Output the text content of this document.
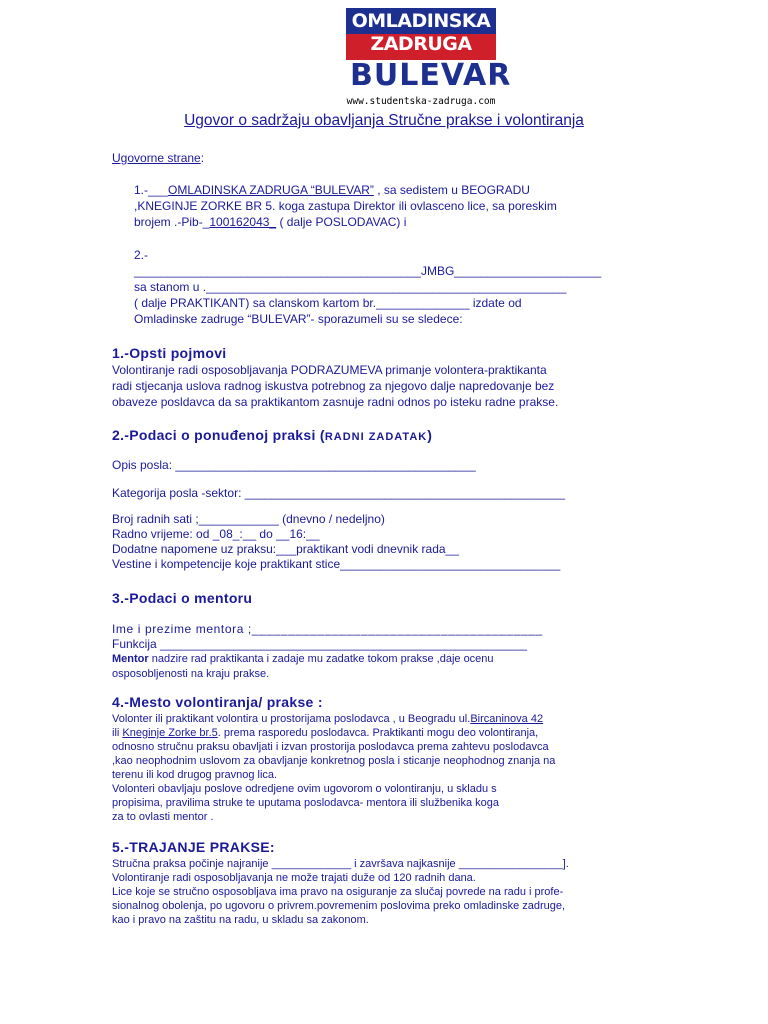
OMLADINSKA
ZADRUGA
BULEVAR
www.studentska-zadruga.com
Ugovor o sadržaju obavljanja Stručne prakse i volontiranja
Ugovorne strane:
1.-___OMLADINSKA ZADRUGA “BULEVAR” , sa sedistem u BEOGRADU
,KNEGINJE ZORKE BR 5. koga zastupa Direktor ili ovlasceno lice, sa poreskim
brojem .-Pib-_100162043_ ( dalje POSLODAVAC) i
2.-
___________________________________________JMBG______________________
sa stanom u .______________________________________________________
( dalje PRAKTIKANT) sa clanskom kartom br.______________ izdate od
Omladinske zadruge “BULEVAR”- sporazumeli su se sledece:
1.-Opsti pojmovi
Volontiranje radi osposobljavanja PODRAZUMEVA primanje volontera-praktikanta
radi stjecanja uslova radnog iskustva potrebnog za njegovo dalje napredovanje bez
obaveze posldavca da sa praktikantom zasnuje radni odnos po isteku radne prakse.
2.-Podaci o ponuđenoj praksi (RADNI ZADATAK)
Opis posla: _____________________________________________
Kategorija posla -sektor: ________________________________________________
Broj radnih sati ;____________ (dnevno / nedeljno)
Radno vrijeme: od _08_:__ do __16:__
Dodatne napomene uz praksu:___praktikant vodi dnevnik rada__
Vestine i kompetencije koje praktikant stice_________________________________
3.-Podaci o mentoru
Ime i prezime mentora ;________________________________________
Funkcija _______________________________________________________
Mentor nadzire rad praktikanta i zadaje mu zadatke tokom prakse ,daje ocenu
osposobljenosti na kraju prakse.
4.-Mesto volontiranja/ prakse :
Volonter ili praktikant volontira u prostorijama poslodavca , u Beogradu ul.Bircaninova 42
ili Kneginje Zorke br.5. prema rasporedu poslodavca. Praktikanti mogu deo volontiranja,
odnosno stručnu praksu obavljati i izvan prostorija poslodavca prema zahtevu poslodavca
,kao neophodnim uslovom za obavljanje konkretnog posla i sticanje neophodnog znanja na
terenu ili kod drugog pravnog lica.
Volonteri obavljaju poslove odredjene ovim ugovorom o volontiranju, u skladu s
propisima, pravilima struke te uputama poslodavca- mentora ili službenika koga
za to ovlasti mentor .
5.-TRAJANJE PRAKSE:
Stručna praksa počinje najranije _____________ i završava najkasnije _________________].
Volontiranje radi osposobljavanja ne može trajati duže od 120 radnih dana.
Lice koje se stručno osposobljava ima pravo na osiguranje za slučaj povrede na radu i profe-
sionalnog obolenja, po ugovoru o privrem.povremenim poslovima preko omladinske zadruge,
kao i pravo na zaštitu na radu, u skladu sa zakonom.
